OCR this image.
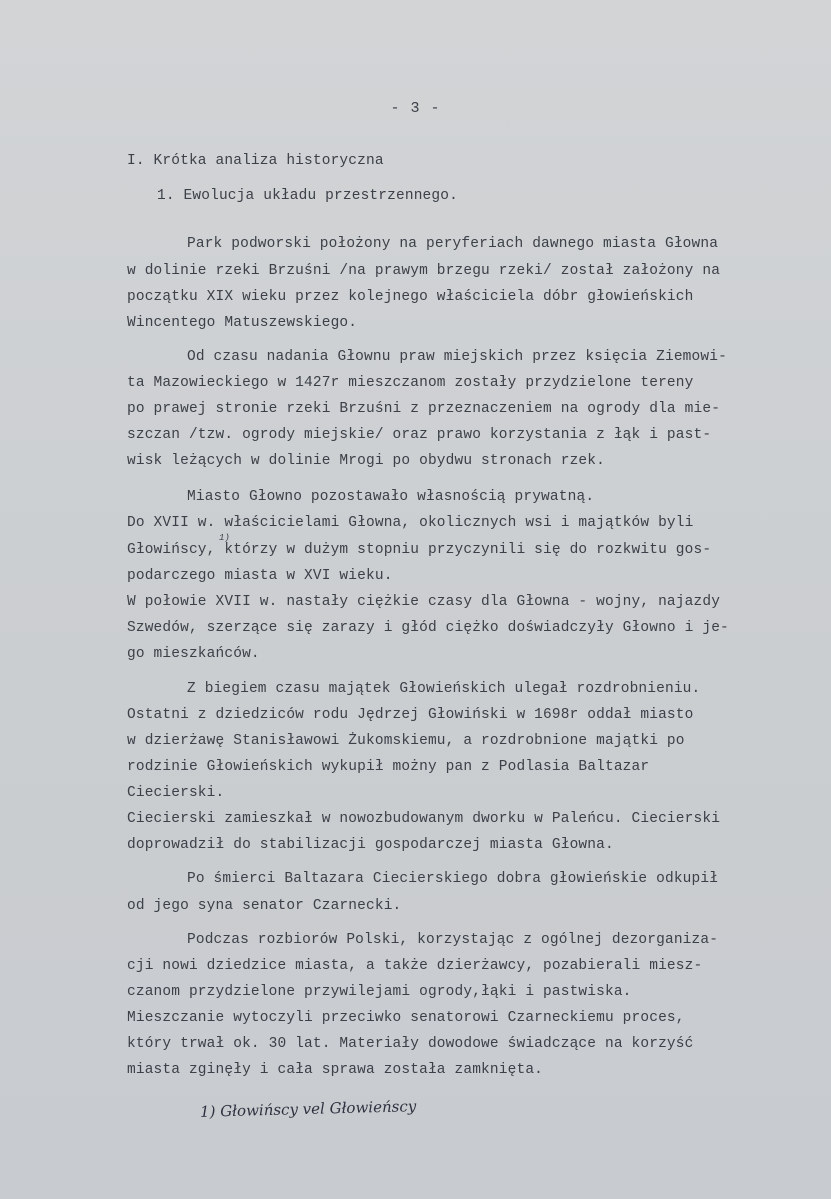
- 3 -
I. Krótka analiza historyczna
1. Ewolucja układu przestrzennego.
Park podworski położony na peryferiach dawnego miasta Głowna
w dolinie rzeki Brzuśni /na prawym brzegu rzeki/ został założony na
początku XIX wieku przez kolejnego właściciela dóbr głowieńskich
Wincentego Matuszewskiego.
Od czasu nadania Głownu praw miejskich przez księcia Ziemowi-
ta Mazowieckiego w 1427r mieszczanom zostały przydzielone tereny
po prawej stronie rzeki Brzuśni z przeznaczeniem na ogrody dla mie-
szczan /tzw. ogrody miejskie/ oraz prawo korzystania z łąk i past-
wisk leżących w dolinie Mrogi po obydwu stronach rzek.
Miasto Głowno pozostawało własnością prywatną.
Do XVII w. właścicielami Głowna, okolicznych wsi i majątków byli
Głowińscy, którzy w dużym stopniu przyczynili się do rozkwitu gos-
podarczego miasta w XVI wieku.
W połowie XVII w. nastały ciężkie czasy dla Głowna - wojny, najazdy
Szwedów, szerzące się zarazy i głód ciężko doświadczyły Głowno i je-
go mieszkańców.
Z biegiem czasu majątek Głowieńskich ulegał rozdrobnieniu.
Ostatni z dziedziców rodu Jędrzej Głowiński w 1698r oddał miasto
w dzierżawę Stanisławowi Żukomskiemu, a rozdrobnione majątki po
rodzinie Głowieńskich wykupił możny pan z Podlasia Baltazar
Ciecierski.
Ciecierski zamieszkał w nowozbudowanym dworku w Paleńcu. Ciecierski
doprowadził do stabilizacji gospodarczej miasta Głowna.
Po śmierci Baltazara Ciecierskiego dobra głowieńskie odkupił
od jego syna senator Czarnecki.
Podczas rozbiorów Polski, korzystając z ogólnej dezorganiza-
cji nowi dziedzice miasta, a także dzierżawcy, pozabierali miesz-
czanom przydzielone przywilejami ogrody,łąki i pastwiska.
Mieszczanie wytoczyli przeciwko senatorowi Czarneckiemu proces,
który trwał ok. 30 lat. Materiały dowodowe świadczące na korzyść
miasta zginęły i cała sprawa została zamknięta.
1)
1) Głowińscy vel Głowieńscy
